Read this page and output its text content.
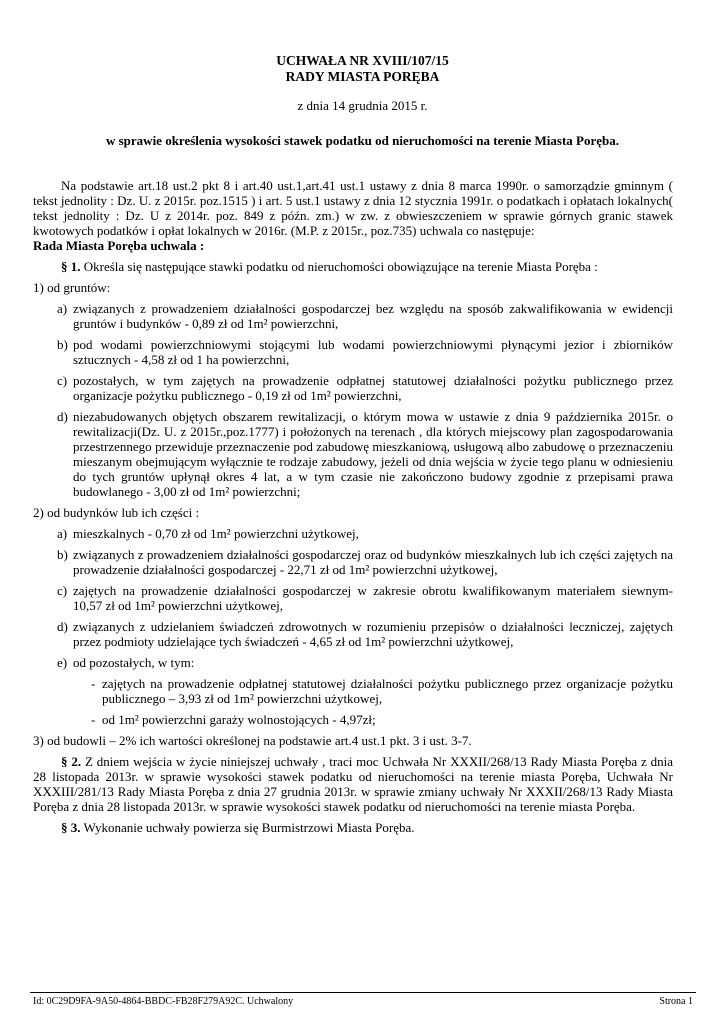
UCHWAŁA NR XVIII/107/15
RADY MIASTA PORĘBA
z dnia 14 grudnia 2015 r.
w sprawie określenia wysokości stawek podatku od nieruchomości na terenie Miasta Poręba.

Na podstawie art.18 ust.2 pkt 8 i art.40 ust.1,art.41 ust.1 ustawy z dnia 8 marca 1990r. o samorządzie gminnym ( tekst jednolity : Dz. U. z 2015r. poz.1515 ) i art. 5 ust.1 ustawy z dnia 12 stycznia 1991r. o podatkach i opłatach lokalnych( tekst jednolity : Dz. U z 2014r. poz. 849 z późn. zm.) w zw. z obwieszczeniem w sprawie górnych granic stawek kwotowych podatków i opłat lokalnych w 2016r. (M.P. z 2015r., poz.735) uchwala co następuje:

Rada Miasta Poręba uchwala :

§ 1. Określa się następujące stawki podatku od nieruchomości obowiązujące na terenie Miasta Poręba :

1) od gruntów:

a) związanych z prowadzeniem działalności gospodarczej bez względu na sposób zakwalifikowania w ewidencji gruntów i budynków - 0,89 zł od 1m² powierzchni,
b) pod wodami powierzchniowymi stojącymi lub wodami powierzchniowymi płynącymi jezior i zbiorników sztucznych - 4,58 zł od 1 ha powierzchni,
c) pozostałych, w tym zajętych na prowadzenie odpłatnej statutowej działalności pożytku publicznego przez organizacje pożytku publicznego - 0,19 zł od 1m² powierzchni,
d) niezabudowanych objętych obszarem rewitalizacji, o którym mowa w ustawie z dnia 9 października 2015r. o rewitalizacji(Dz. U. z 2015r.,poz.1777) i położonych na terenach , dla których miejscowy plan zagospodarowania przestrzennego przewiduje przeznaczenie pod zabudowę mieszkaniową, usługową albo zabudowę o przeznaczeniu mieszanym obejmującym wyłącznie te rodzaje zabudowy, jeżeli od dnia wejścia w życie tego planu w odniesieniu do tych gruntów upłynął okres 4 lat, a w tym czasie nie zakończono budowy zgodnie z przepisami prawa budowlanego - 3,00 zł od 1m² powierzchni;

2) od budynków lub ich części :

a) mieszkalnych - 0,70 zł od 1m² powierzchni użytkowej,
b) związanych z prowadzeniem działalności gospodarczej oraz od budynków mieszkalnych lub ich części zajętych na prowadzenie działalności gospodarczej - 22,71 zł od 1m² powierzchni użytkowej,
c) zajętych na prowadzenie działalności gospodarczej w zakresie obrotu kwalifikowanym materiałem siewnym- 10,57 zł od 1m² powierzchni użytkowej,
d) związanych z udzielaniem świadczeń zdrowotnych w rozumieniu przepisów o działalności leczniczej, zajętych przez podmioty udzielające tych świadczeń - 4,65 zł od 1m² powierzchni użytkowej,
e) od pozostałych, w tym:
- zajętych na prowadzenie odpłatnej statutowej działalności pożytku publicznego przez organizacje pożytku publicznego – 3,93 zł od 1m² powierzchni użytkowej,
- od 1m² powierzchni garaży wolnostojących - 4,97zł;

3) od budowli – 2% ich wartości określonej na podstawie art.4 ust.1 pkt. 3 i ust. 3-7.

§ 2. Z dniem wejścia w życie niniejszej uchwały , traci moc Uchwała Nr XXXII/268/13 Rady Miasta Poręba z dnia 28 listopada 2013r. w sprawie wysokości stawek podatku od nieruchomości na terenie miasta Poręba, Uchwała Nr XXXIII/281/13 Rady Miasta Poręba z dnia 27 grudnia 2013r. w sprawie zmiany uchwały Nr XXXII/268/13 Rady Miasta Poręba z dnia 28 listopada 2013r. w sprawie wysokości stawek podatku od nieruchomości na terenie miasta Poręba.

§ 3. Wykonanie uchwały powierza się Burmistrzowi Miasta Poręba.

Id: 0C29D9FA-9A50-4864-BBDC-FB28F279A92C. Uchwalony	Strona 1
